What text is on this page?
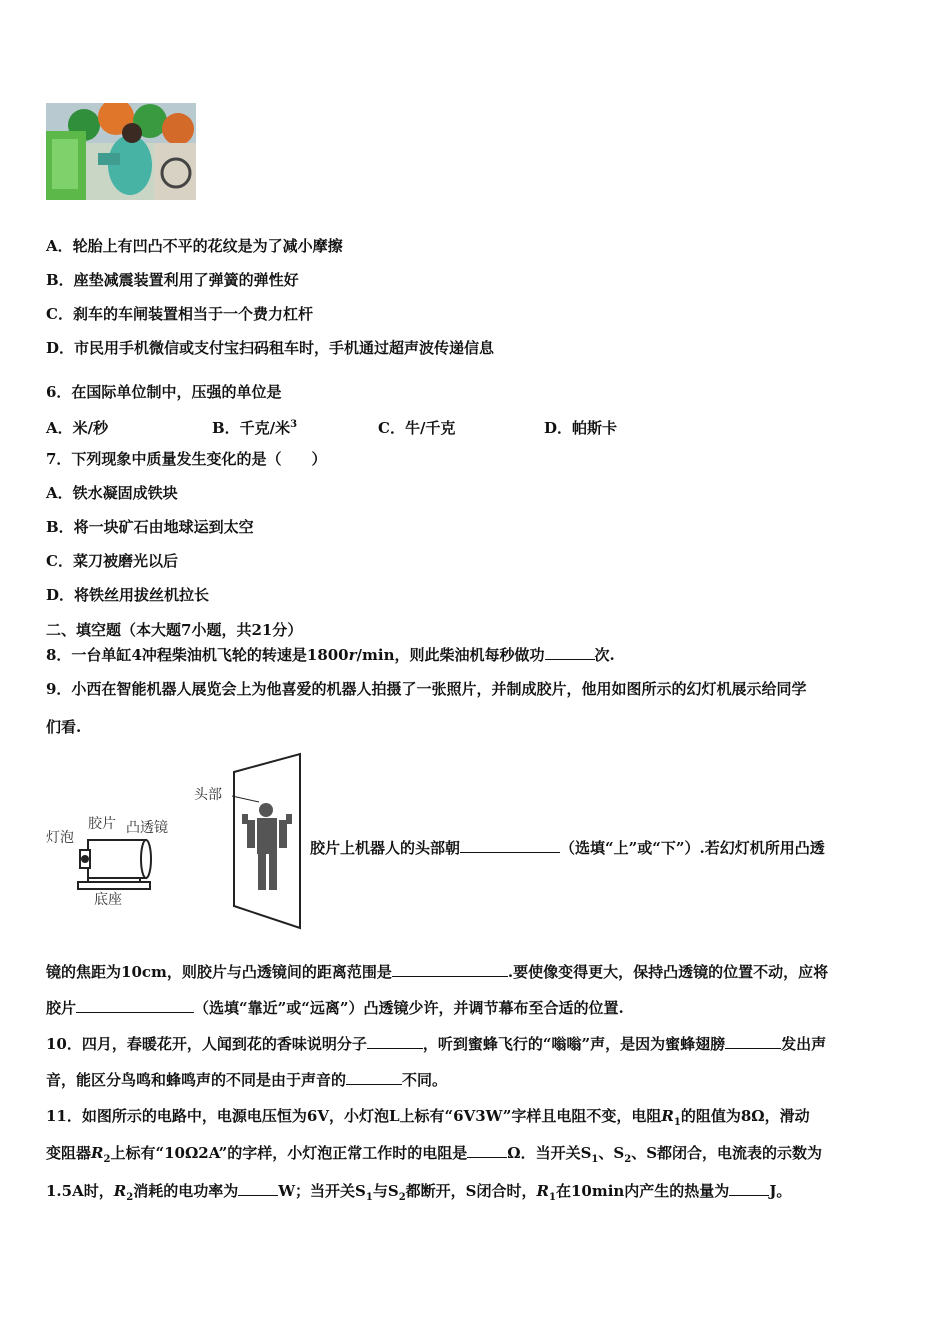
A．轮胎上有凹凸不平的花纹是为了减小摩擦
B．座垫减震装置利用了弹簧的弹性好
C．刹车的车闸装置相当于一个费力杠杆
D．市民用手机微信或支付宝扫码租车时，手机通过超声波传递信息
6．在国际单位制中，压强的单位是
A．米/秒	B．千克/米$^3$	C．牛/千克	D．帕斯卡
7．下列现象中质量发生变化的是（　　）
A．铁水凝固成铁块
B．将一块矿石由地球运到太空
C．菜刀被磨光以后
D．将铁丝用拔丝机拉长
二、填空题（本大题7小题，共21分）
8．一台单缸4冲程柴油机飞轮的转速是1800r/min，则此柴油机每秒做功	次.
9．小西在智能机器人展览会上为他喜爱的机器人拍摄了一张照片，并制成胶片，他用如图所示的幻灯机展示给同学
们看.
头部
灯泡
胶片 凸透镜
底座
胶片上机器人的头部朝	（选填“上”或“下”）.若幻灯机所用凸透
镜的焦距为10cm，则胶片与凸透镜间的距离范围是	.要使像变得更大，保持凸透镜的位置不动，应将
胶片	（选填“靠近”或“远离”）凸透镜少许，并调节幕布至合适的位置.
10．四月，春暖花开，人闻到花的香味说明分子	，听到蜜蜂飞行的“嗡嗡”声，是因为蜜蜂翅膀	发出声
音，能区分鸟鸣和蜂鸣声的不同是由于声音的	不同。
11．如图所示的电路中，电源电压恒为6V，小灯泡L上标有“6V3W”字样且电阻不变，电阻$R_1$的阻值为8Ω，滑动
变阻器$R_2$上标有“10Ω2A”的字样，小灯泡正常工作时的电阻是	Ω．当开关$S_1$、$S_2$、S都闭合，电流表的示数为
1.5A时，$R_2$消耗的电功率为	W；当开关$S_1$与$S_2$都断开，S闭合时，$R_1$在10min内产生的热量为	J。
